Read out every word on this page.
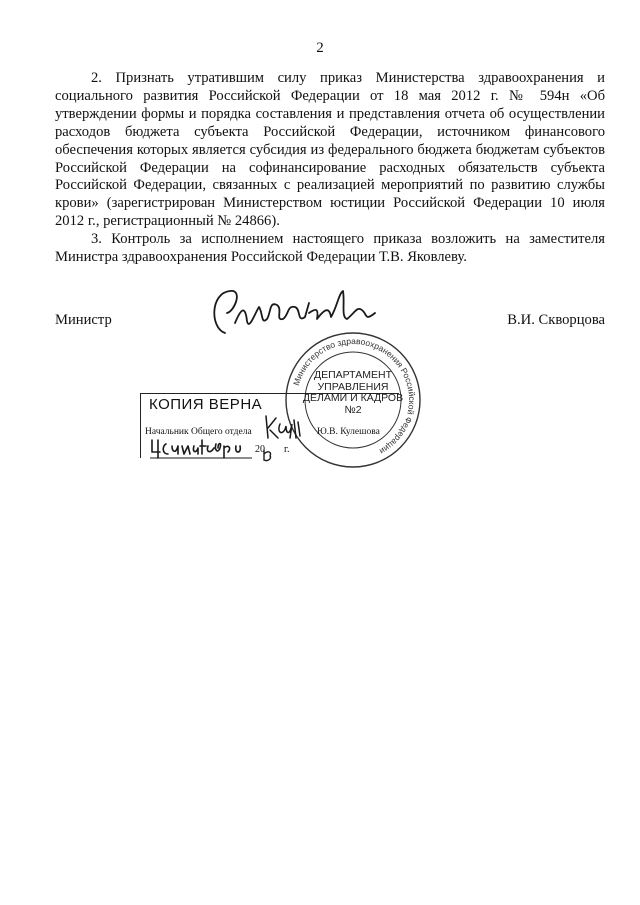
2

2. Признать утратившим силу приказ Министерства здравоохранения и социального развития Российской Федерации от 18 мая 2012 г. № 594н «Об утверждении формы и порядка составления и представления отчета об осуществлении расходов бюджета субъекта Российской Федерации, источником финансового обеспечения которых является субсидия из федерального бюджета бюджетам субъектов Российской Федерации на софинансирование расходных обязательств субъекта Российской Федерации, связанных с реализацией мероприятий по развитию службы крови» (зарегистрирован Министерством юстиции Российской Федерации 10 июля 2012 г., регистрационный № 24866).

3. Контроль за исполнением настоящего приказа возложить на заместителя Министра здравоохранения Российской Федерации Т.В. Яковлеву.

Министр	В.И. Скворцова
Министерство здравоохранения Российской Федерации
ДЕПАРТАМЕНТ
УПРАВЛЕНИЯ
ДЕЛАМИ И КАДРОВ
№2
КОПИЯ ВЕРНА
Начальник Общего отдела	Ю.В. Кулешова
20 г.
